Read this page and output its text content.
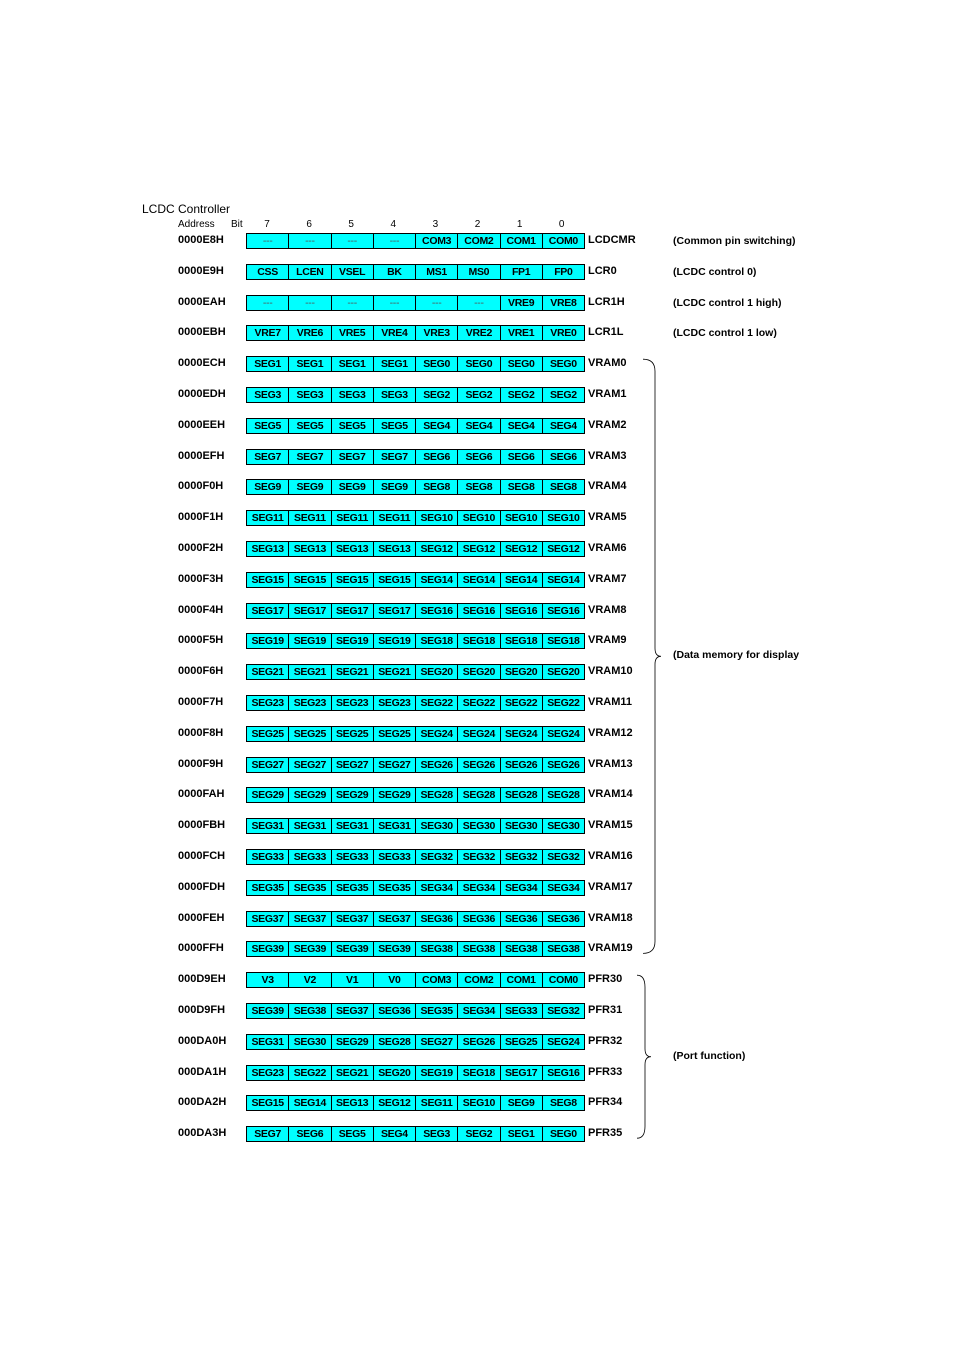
LCDC Controller
Address Bit	7	6	5	4	3	2	1	0
0000E8H	---	---	---	---	COM3	COM2	COM1	COM0 LCDCMR	(Common pin switching)
0000E9H	CSS	LCEN	VSEL	BK	MS1	MS0	FP1	FP0	LCR0	(LCDC control 0)
0000EAH	---	---	---	---	---	---	VRE9	VRE8	LCR1H	(LCDC control 1 high)
0000EBH	VRE7	VRE6	VRE5	VRE4	VRE3	VRE2	VRE1	VRE0	LCR1L	(LCDC control 1 low)
0000ECH	SEG1	SEG1	SEG1	SEG1	SEG0	SEG0	SEG0	SEG0	VRAM0
0000EDH	SEG3	SEG3	SEG3	SEG3	SEG2	SEG2	SEG2	SEG2	VRAM1
0000EEH	SEG5	SEG5	SEG5	SEG5	SEG4	SEG4	SEG4	SEG4	VRAM2
0000EFH	SEG7	SEG7	SEG7	SEG7	SEG6	SEG6	SEG6	SEG6	VRAM3
0000F0H	SEG9	SEG9	SEG9	SEG9	SEG8	SEG8	SEG8	SEG8	VRAM4
0000F1H	SEG11 SEG11 SEG11 SEG11 SEG10 SEG10 SEG10 SEG10 VRAM5
0000F2H	SEG13 SEG13 SEG13 SEG13 SEG12 SEG12 SEG12 SEG12 VRAM6
0000F3H	SEG15 SEG15 SEG15 SEG15 SEG14 SEG14 SEG14 SEG14 VRAM7
0000F4H	SEG17 SEG17 SEG17 SEG17 SEG16 SEG16 SEG16 SEG16 VRAM8
0000F5H	SEG19 SEG19 SEG19 SEG19 SEG18 SEG18 SEG18 SEG18 VRAM9
0000F6H	SEG21 SEG21 SEG21 SEG21 SEG20 SEG20 SEG20 SEG20 VRAM10
0000F7H	SEG23 SEG23 SEG23 SEG23 SEG22 SEG22 SEG22 SEG22 VRAM11
0000F8H	SEG25 SEG25 SEG25 SEG25 SEG24 SEG24 SEG24 SEG24 VRAM12
0000F9H	SEG27 SEG27 SEG27 SEG27 SEG26 SEG26 SEG26 SEG26 VRAM13
0000FAH	SEG29 SEG29 SEG29 SEG29 SEG28 SEG28 SEG28 SEG28 VRAM14
0000FBH	SEG31 SEG31 SEG31 SEG31 SEG30 SEG30 SEG30 SEG30 VRAM15
0000FCH	SEG33 SEG33 SEG33 SEG33 SEG32 SEG32 SEG32 SEG32 VRAM16
0000FDH	SEG35 SEG35 SEG35 SEG35 SEG34 SEG34 SEG34 SEG34 VRAM17
0000FEH	SEG37 SEG37 SEG37 SEG37 SEG36 SEG36 SEG36 SEG36 VRAM18
0000FFH	SEG39 SEG39 SEG39 SEG39 SEG38 SEG38 SEG38 SEG38 VRAM19
000D9EH	V3	V2	V1	V0	COM3	COM2	COM1	COM0 PFR30
000D9FH	SEG39 SEG38 SEG37 SEG36 SEG35 SEG34 SEG33 SEG32 PFR31
000DA0H	SEG31 SEG30 SEG29 SEG28 SEG27 SEG26 SEG25 SEG24 PFR32
000DA1H	SEG23 SEG22 SEG21 SEG20 SEG19 SEG18 SEG17 SEG16 PFR33
000DA2H	SEG15 SEG14 SEG13 SEG12 SEG11 SEG10	SEG9	SEG8	PFR34
000DA3H	SEG7	SEG6	SEG5	SEG4	SEG3	SEG2	SEG1	SEG0	PFR35
(Data memory for display
(Port function)
